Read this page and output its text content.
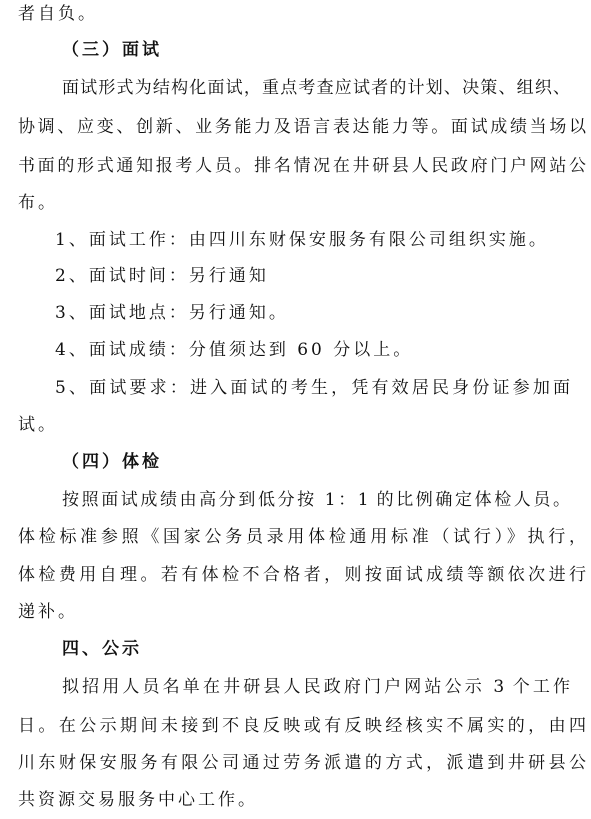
者自负。
（三）面试
面试形式为结构化面试，重点考查应试者的计划、决策、组织、
协调、应变、创新、业务能力及语言表达能力等。面试成绩当场以
书面的形式通知报考人员。排名情况在井研县人民政府门户网站公
布。
1、面试工作：由四川东财保安服务有限公司组织实施。
2、面试时间：另行通知
3、面试地点：另行通知。
4、面试成绩：分值须达到 60 分以上。
5、面试要求：进入面试的考生，凭有效居民身份证参加面
试。
（四）体检
按照面试成绩由高分到低分按 1：1 的比例确定体检人员。
体检标准参照《国家公务员录用体检通用标准（试行）》执行，
体检费用自理。若有体检不合格者，则按面试成绩等额依次进行
递补。
四、公示
拟招用人员名单在井研县人民政府门户网站公示 3 个工作
日。在公示期间未接到不良反映或有反映经核实不属实的，由四
川东财保安服务有限公司通过劳务派遣的方式，派遣到井研县公
共资源交易服务中心工作。
